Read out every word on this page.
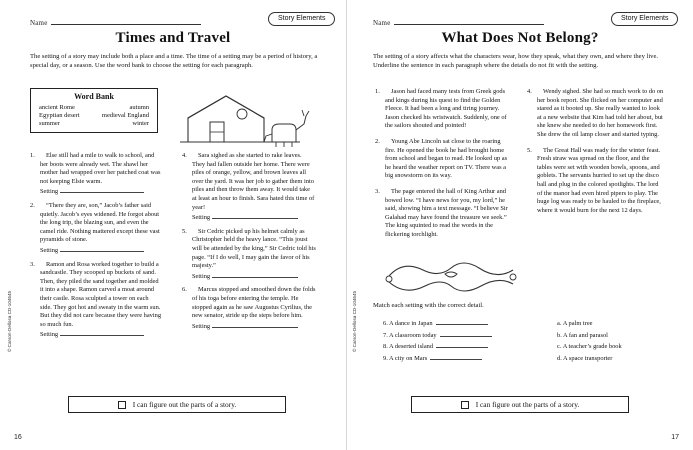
Name
Story Elements
Times and Travel
The setting of a story may include both a place and a time. The time of a setting may be a period of history, a special day, or a season. Use the word bank to choose the setting for each paragraph.
Word Bank
ancient Rome	autumn
Egyptian desert	medieval England
summer	winter
1.	Else still had a mile to walk to school, and her boots were already wet. The shawl her mother had wrapped over her patched coat was not keeping Elsie warm.

Setting
2.	“There they are, son,” Jacob’s father said quietly. Jacob’s eyes widened. He forgot about the long trip, the blazing sun, and even the camel ride. Nothing mattered except these vast pyramids of stone.

Setting
3.	Ramon and Rosa worked together to build a sandcastle. They scooped up buckets of sand. Then, they piled the sand together and molded it into a shape. Ramon carved a moat around their castle. Rosa sculpted a tower on each side. They got hot and sweaty in the warm sun. But they did not care because they were having so much fun.

Setting
4.	Sara sighed as she started to rake leaves. They had fallen outside her home. There were piles of orange, yellow, and brown leaves all over the yard. It was her job to gather them into piles and then throw them away. It would take at least an hour to finish. Sara hated this time of year!

Setting
5.	Sir Cedric picked up his helmet calmly as Christopher held the heavy lance. “This joust will be attended by the king,” Sir Cedric told his page. “If I do well, I may gain the favor of his majesty.”

Setting
6.	Marcus stopped and smoothed down the folds of his toga before entering the temple. He stopped again as he saw Augustus Cyrilius, the new senator, stride up the steps before him.

Setting
I can figure out the parts of a story.
16
© Carson-Dellosa CD-104645
Name
Story Elements
What Does Not Belong?
The setting of a story affects what the characters wear, how they speak, what they own, and where they live. Underline the sentence in each paragraph where the details do not fit with the setting.
1.	Jason had faced many tests from Greek gods and kings during his quest to find the Golden Fleece. It had been a long and tiring journey. Jason checked his wristwatch. Suddenly, one of the sailors shouted and pointed!

2.	Young Abe Lincoln sat close to the roaring fire. He opened the book he had brought home from school and began to read. He looked up as he heard the weather report on TV. There was a big snowstorm on its way.

3.	The page entered the hall of King Arthur and bowed low. “I have news for you, my lord,” he said, showing him a text message. “I believe Sir Galahad may have found the treasure we seek.” The king squinted to read the words in the flickering torchlight.

4.	Wendy sighed. She had so much work to do on her book report. She flicked on her computer and stared as it booted up. She really wanted to look at a new website that Kim had told her about, but she knew she needed to do her homework first. She drew the oil lamp closer and started typing.

5.	The Great Hall was ready for the winter feast. Fresh straw was spread on the floor, and the tables were set with wooden bowls, spoons, and goblets. The servants hurried to set up the disco ball and plug in the colored spotlights. The lord of the manor had even hired pipers to play. The huge log was ready to be hauled to the fireplace, where it would burn for the next 12 days.

Match each setting with the correct detail.
6. A dance in Japan
7. A classroom today
8. A deserted island
9. A city on Mars
a. A palm tree
b. A fan and parasol
c. A teacher’s grade book
d. A space transporter
I can figure out the parts of a story.
17
© Carson-Dellosa CD-104645
